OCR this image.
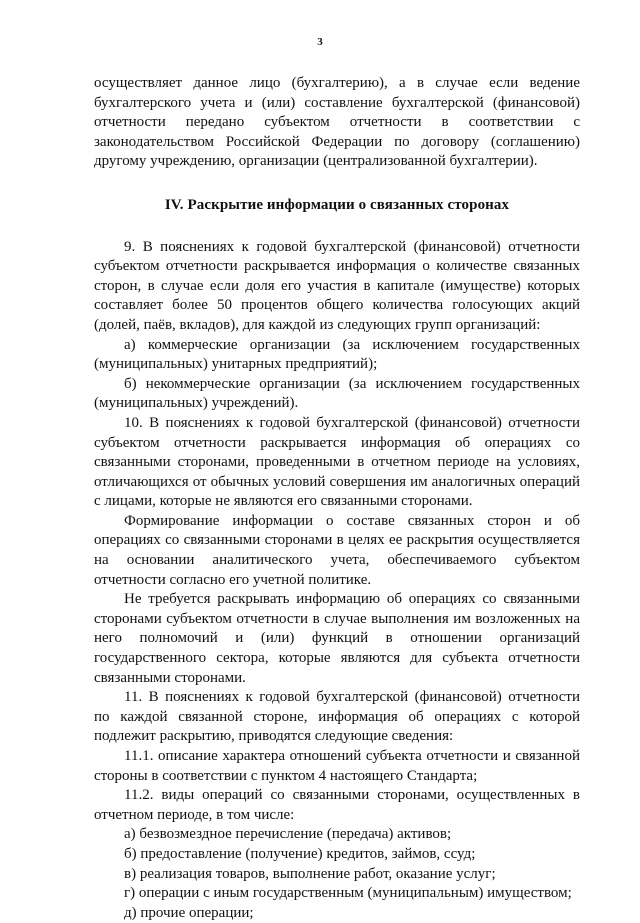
3

осуществляет данное лицо (бухгалтерию), а в случае если ведение бухгалтерского учета и (или) составление бухгалтерской (финансовой) отчетности передано субъектом отчетности в соответствии с законодательством Российской Федерации по договору (соглашению) другому учреждению, организации (централизованной бухгалтерии).

IV. Раскрытие информации о связанных сторонах

9. В пояснениях к годовой бухгалтерской (финансовой) отчетности субъектом отчетности раскрывается информация о количестве связанных сторон, в случае если доля его участия в капитале (имуществе) которых составляет более 50 процентов общего количества голосующих акций (долей, паёв, вкладов), для каждой из следующих групп организаций:

а) коммерческие организации (за исключением государственных (муниципальных) унитарных предприятий);

б) некоммерческие организации (за исключением государственных (муниципальных) учреждений).

10. В пояснениях к годовой бухгалтерской (финансовой) отчетности субъектом отчетности раскрывается информация об операциях со связанными сторонами, проведенными в отчетном периоде на условиях, отличающихся от обычных условий совершения им аналогичных операций с лицами, которые не являются его связанными сторонами.

Формирование информации о составе связанных сторон и об операциях со связанными сторонами в целях ее раскрытия осуществляется на основании аналитического учета, обеспечиваемого субъектом отчетности согласно его учетной политике.

Не требуется раскрывать информацию об операциях со связанными сторонами субъектом отчетности в случае выполнения им возложенных на него полномочий и (или) функций в отношении организаций государственного сектора, которые являются для субъекта отчетности связанными сторонами.

11. В пояснениях к годовой бухгалтерской (финансовой) отчетности по каждой связанной стороне, информация об операциях с которой подлежит раскрытию, приводятся следующие сведения:

11.1. описание характера отношений субъекта отчетности и связанной стороны в соответствии с пунктом 4 настоящего Стандарта;

11.2. виды операций со связанными сторонами, осуществленных в отчетном периоде, в том числе:

а) безвозмездное перечисление (передача) активов;

б) предоставление (получение) кредитов, займов, ссуд;

в) реализация товаров, выполнение работ, оказание услуг;

г) операции с иным государственным (муниципальным) имуществом;

д) прочие операции;
